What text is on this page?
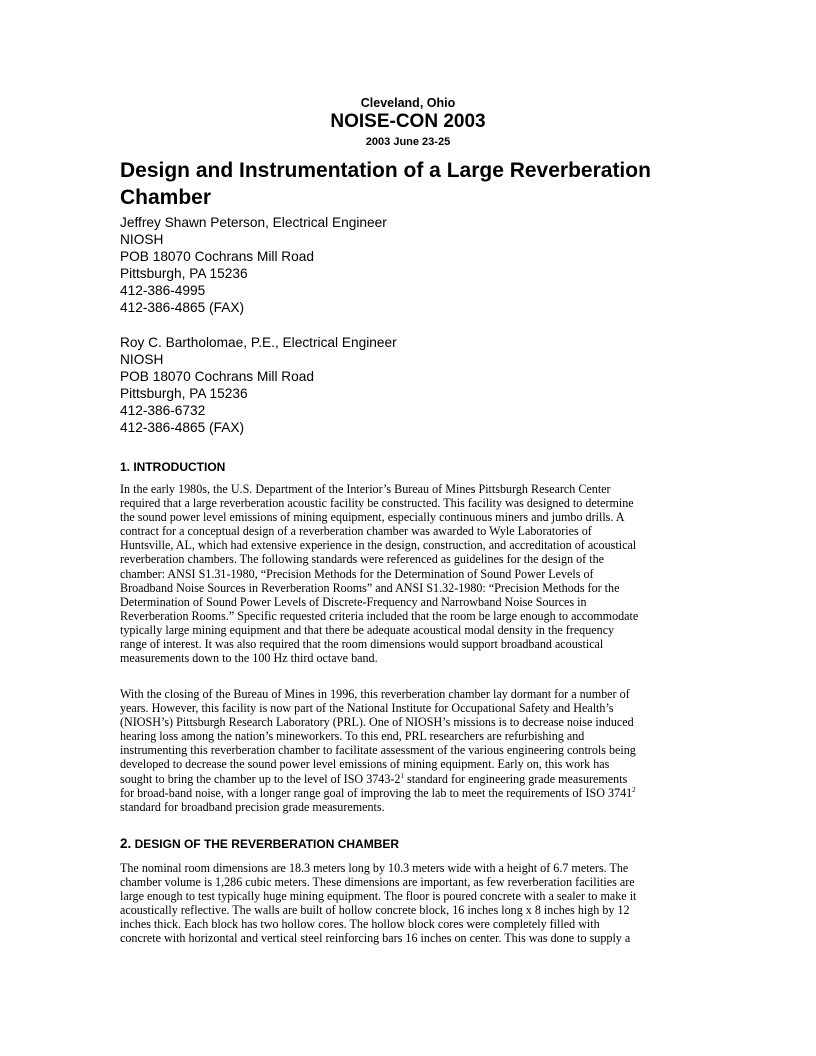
Cleveland, Ohio
NOISE-CON 2003
2003 June 23-25
Design and Instrumentation of a Large Reverberation
Chamber
Jeffrey Shawn Peterson, Electrical Engineer
NIOSH
POB 18070 Cochrans Mill Road
Pittsburgh, PA 15236
412-386-4995
412-386-4865 (FAX)
Roy C. Bartholomae, P.E., Electrical Engineer
NIOSH
POB 18070 Cochrans Mill Road
Pittsburgh, PA 15236
412-386-6732
412-386-4865 (FAX)
1. INTRODUCTION

In the early 1980s, the U.S. Department of the Interior’s Bureau of Mines Pittsburgh Research Center
required that a large reverberation acoustic facility be constructed. This facility was designed to determine
the sound power level emissions of mining equipment, especially continuous miners and jumbo drills. A
contract for a conceptual design of a reverberation chamber was awarded to Wyle Laboratories of
Huntsville, AL, which had extensive experience in the design, construction, and accreditation of acoustical
reverberation chambers. The following standards were referenced as guidelines for the design of the
chamber: ANSI S1.31-1980, “Precision Methods for the Determination of Sound Power Levels of
Broadband Noise Sources in Reverberation Rooms” and ANSI S1.32-1980: “Precision Methods for the
Determination of Sound Power Levels of Discrete-Frequency and Narrowband Noise Sources in
Reverberation Rooms.” Specific requested criteria included that the room be large enough to accommodate
typically large mining equipment and that there be adequate acoustical modal density in the frequency
range of interest. It was also required that the room dimensions would support broadband acoustical
measurements down to the 100 Hz third octave band.

With the closing of the Bureau of Mines in 1996, this reverberation chamber lay dormant for a number of
years. However, this facility is now part of the National Institute for Occupational Safety and Health’s
(NIOSH’s) Pittsburgh Research Laboratory (PRL). One of NIOSH’s missions is to decrease noise induced
hearing loss among the nation’s mineworkers. To this end, PRL researchers are refurbishing and
instrumenting this reverberation chamber to facilitate assessment of the various engineering controls being
developed to decrease the sound power level emissions of mining equipment. Early on, this work has
sought to bring the chamber up to the level of ISO $3743-2^1$ standard for engineering grade measurements
for broad-band noise, with a longer range goal of improving the lab to meet the requirements of ISO 3741$^2$
standard for broadband precision grade measurements.

2. DESIGN OF THE REVERBERATION CHAMBER

The nominal room dimensions are 18.3 meters long by 10.3 meters wide with a height of 6.7 meters. The
chamber volume is 1,286 cubic meters. These dimensions are important, as few reverberation facilities are
large enough to test typically huge mining equipment. The floor is poured concrete with a sealer to make it
acoustically reflective. The walls are built of hollow concrete block, 16 inches long x 8 inches high by 12
inches thick. Each block has two hollow cores. The hollow block cores were completely filled with
concrete with horizontal and vertical steel reinforcing bars 16 inches on center. This was done to supply a
